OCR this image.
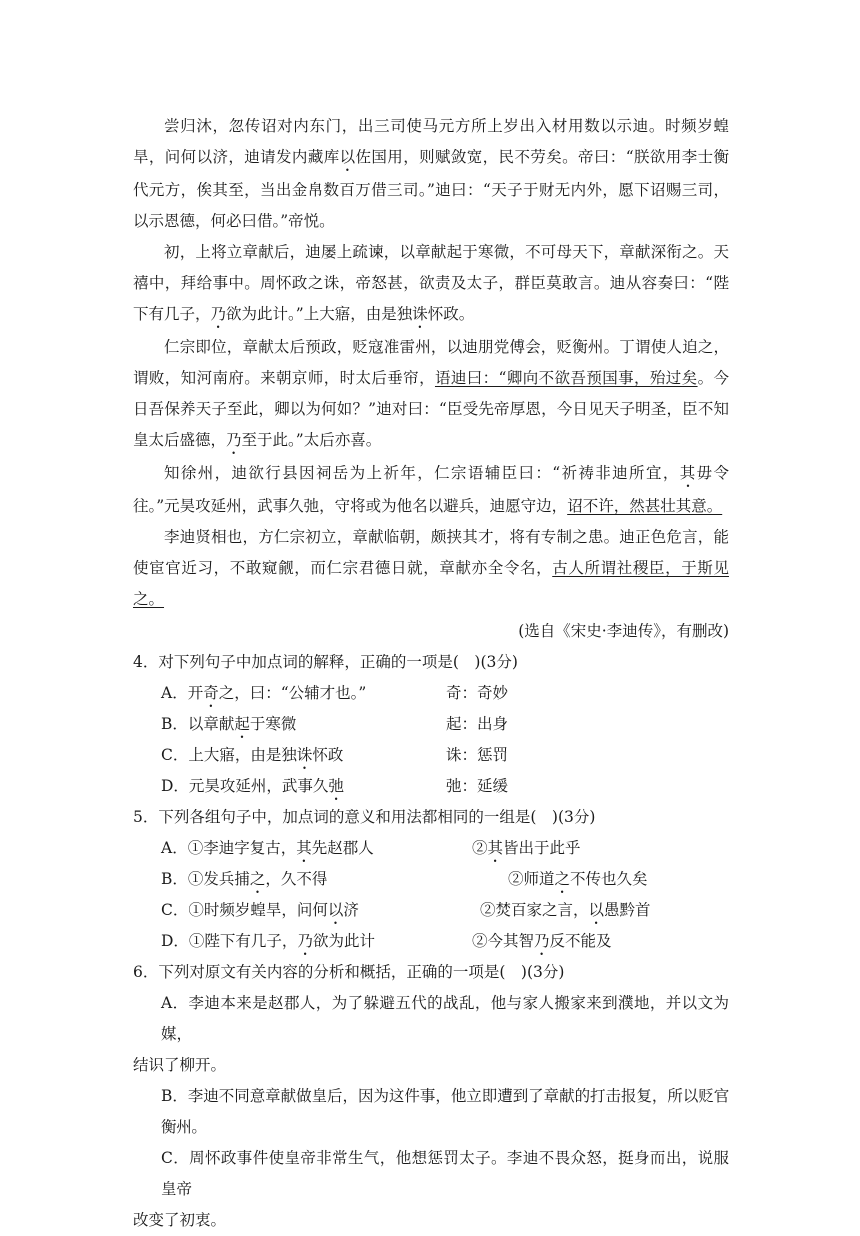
尝归沐，忽传诏对内东门，出三司使马元方所上岁出入材用数以示迪。时频岁蝗旱，问何以济，迪请发内藏库以佐国用，则赋敛宽，民不劳矣。帝曰：“朕欲用李士衡代元方，俟其至，当出金帛数百万借三司。”迪曰：“天子于财无内外，愿下诏赐三司，以示恩德，何必曰借。”帝悦。

初，上将立章献后，迪屡上疏谏，以章献起于寒微，不可母天下，章献深衔之。天禧中，拜给事中。周怀政之诛，帝怒甚，欲责及太子，群臣莫敢言。迪从容奏曰：“陛下有几子，乃欲为此计。”上大寤，由是独诛怀政。

仁宗即位，章献太后预政，贬寇准雷州，以迪朋党傅会，贬衡州。丁谓使人迫之，谓败，知河南府。来朝京师，时太后垂帘，语迪曰：“卿向不欲吾预国事，殆过矣。今日吾保养天子至此，卿以为何如？”迪对曰：“臣受先帝厚恩，今日见天子明圣，臣不知皇太后盛德，乃至于此。”太后亦喜。

知徐州，迪欲行县因祠岳为上祈年，仁宗语辅臣曰：“祈祷非迪所宜，其毋令往。”元昊攻延州，武事久弛，守将或为他名以避兵，迪愿守边，诏不许，然甚壮其意。

李迪贤相也，方仁宗初立，章献临朝，颇挟其才，将有专制之患。迪正色危言，能使宦官近习，不敢窥觎，而仁宗君德日就，章献亦全令名，古人所谓社稷臣，于斯见之。

(选自《宋史·李迪传》，有删改)

4．对下列句子中加点词的解释，正确的一项是(　)(3分)

A．开奇之，曰：“公辅才也。”	奇：奇妙
B．以章献起于寒微	起：出身
C．上大寤，由是独诛怀政	诛：惩罚
D．元昊攻延州，武事久弛	弛：延缓

5．下列各组句子中，加点词的意义和用法都相同的一组是(　)(3分)

A．①李迪字复古，其先赵郡人	②其皆出于此乎
B．①发兵捕之，久不得	②师道之不传也久矣
C．①时频岁蝗旱，问何以济	②焚百家之言，以愚黔首
D．①陛下有几子，乃欲为此计	②今其智乃反不能及

6．下列对原文有关内容的分析和概括，正确的一项是(　)(3分)

A．李迪本来是赵郡人，为了躲避五代的战乱，他与家人搬家来到濮地，并以文为媒，
结识了柳开。

B．李迪不同意章献做皇后，因为这件事，他立即遭到了章献的打击报复，所以贬官衡州。

C．周怀政事件使皇帝非常生气，他想惩罚太子。李迪不畏众怒，挺身而出，说服皇帝
改变了初衷。
